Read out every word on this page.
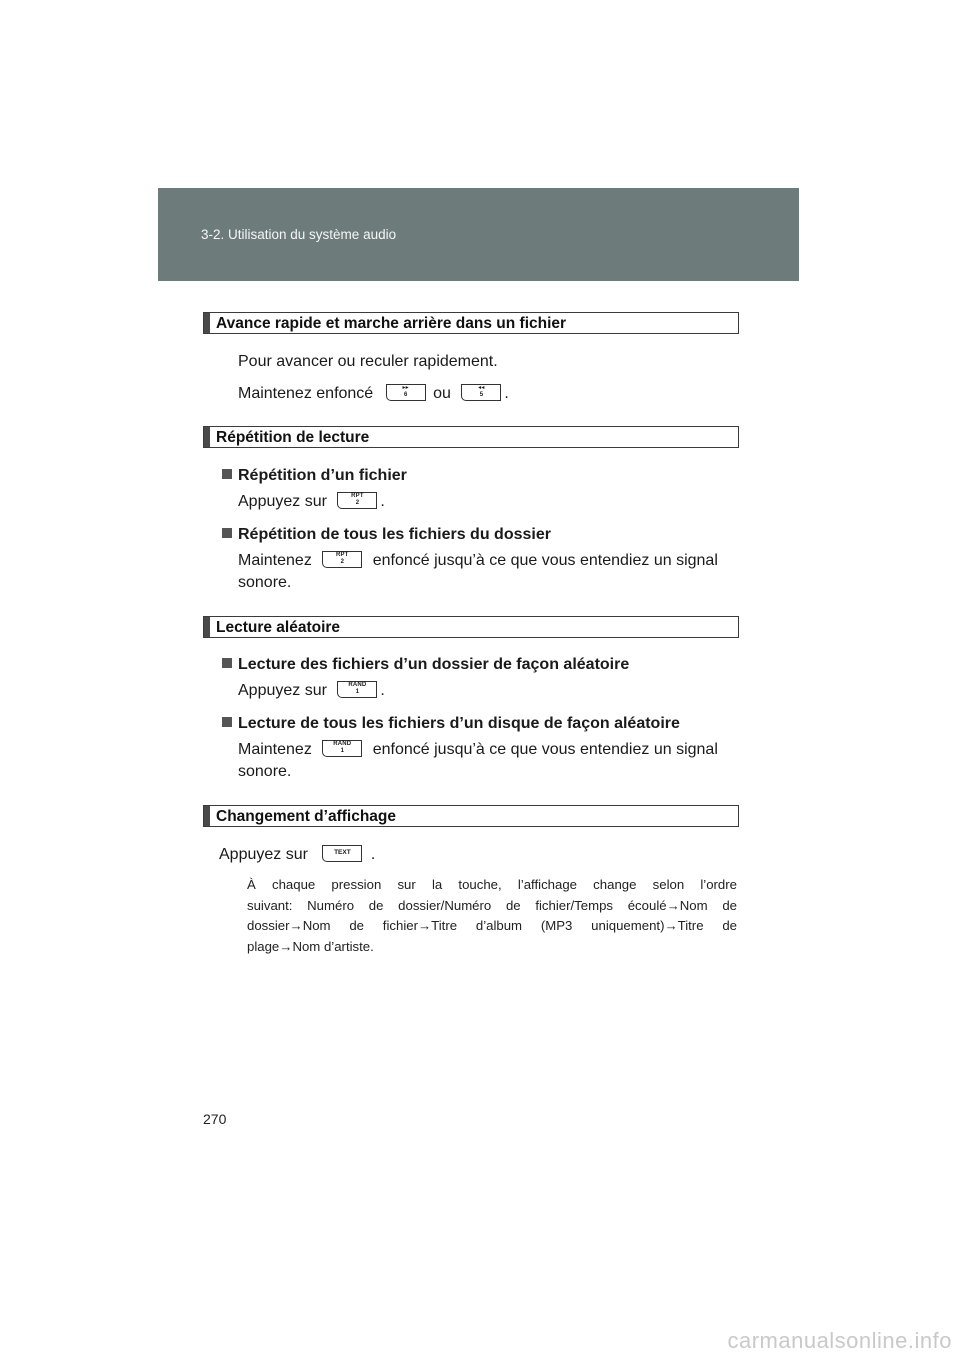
3-2. Utilisation du système audio
Avance rapide et marche arrière dans un fichier
Pour avancer ou reculer rapidement.
Maintenez enfoncé	▸▸
6	ou	◂◂
5	.
Répétition de lecture
Répétition d’un fichier
Appuyez sur	RPT
2	.
Répétition de tous les fichiers du dossier
Maintenez	RPT
2	enfoncé jusqu’à ce que vous entendiez un signal
sonore.
Lecture aléatoire
Lecture des fichiers d’un dossier de façon aléatoire
Appuyez sur	RAND
1	.
Lecture de tous les fichiers d’un disque de façon aléatoire
Maintenez	RAND
1	enfoncé jusqu’à ce que vous entendiez un signal
sonore.
Changement d’affichage
Appuyez sur	TEXT	.
À chaque pression sur la touche, l’affichage change selon l’ordre
suivant: Numéro de dossier/Numéro de fichier/Temps écoulé→Nom de
dossier→Nom de fichier→Titre d’album (MP3 uniquement)→Titre de
plage→Nom d’artiste.
270
carmanualsonline.info
